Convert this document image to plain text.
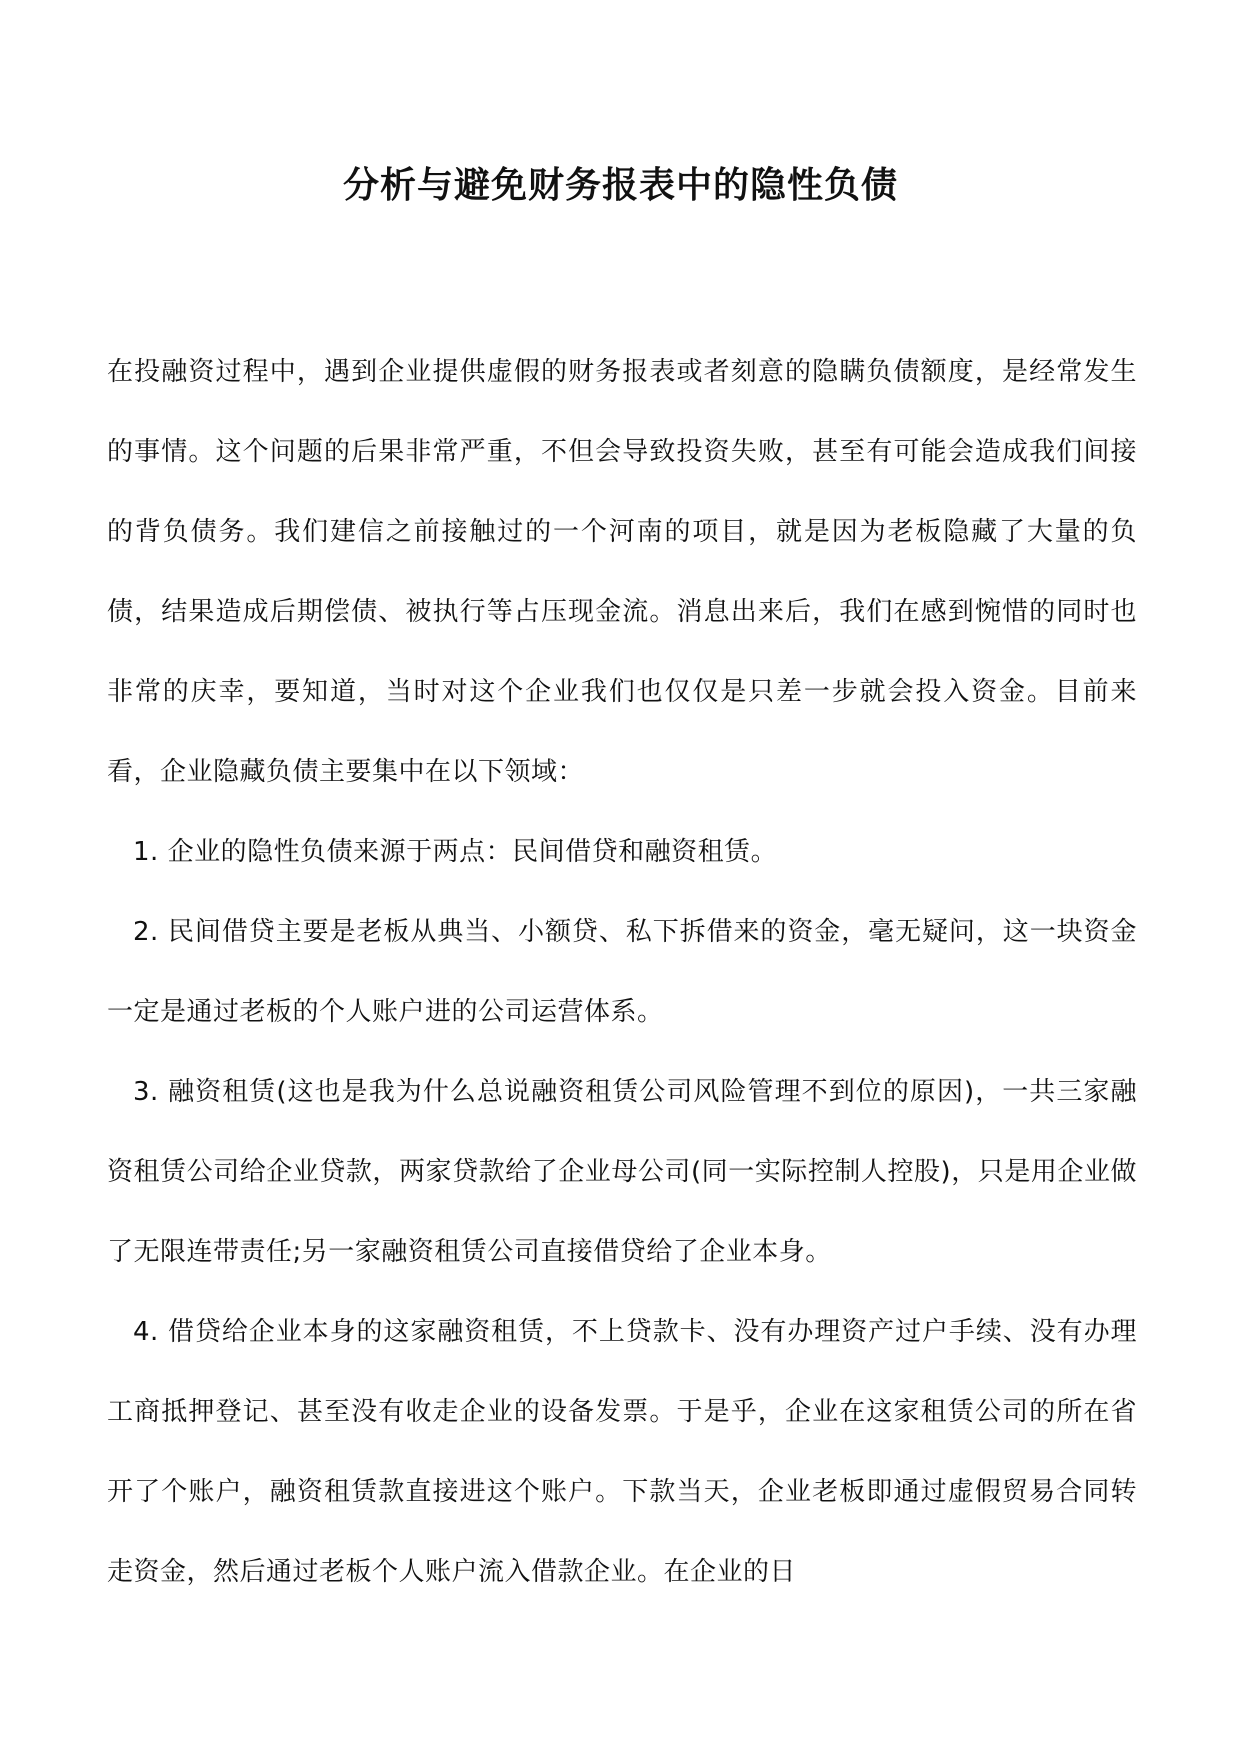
分析与避免财务报表中的隐性负债

在投融资过程中，遇到企业提供虚假的财务报表或者刻意的隐瞒负债额度，是经常发生的事情。这个问题的后果非常严重，不但会导致投资失败，甚至有可能会造成我们间接的背负债务。我们建信之前接触过的一个河南的项目，就是因为老板隐藏了大量的负债，结果造成后期偿债、被执行等占压现金流。消息出来后，我们在感到惋惜的同时也非常的庆幸，要知道，当时对这个企业我们也仅仅是只差一步就会投入资金。目前来看，企业隐藏负债主要集中在以下领域：

1. 企业的隐性负债来源于两点：民间借贷和融资租赁。

2. 民间借贷主要是老板从典当、小额贷、私下拆借来的资金，毫无疑问，这一块资金一定是通过老板的个人账户进的公司运营体系。

3. 融资租赁(这也是我为什么总说融资租赁公司风险管理不到位的原因)，一共三家融资租赁公司给企业贷款，两家贷款给了企业母公司(同一实际控制人控股)，只是用企业做了无限连带责任;另一家融资租赁公司直接借贷给了企业本身。

4. 借贷给企业本身的这家融资租赁，不上贷款卡、没有办理资产过户手续、没有办理工商抵押登记、甚至没有收走企业的设备发票。于是乎，企业在这家租赁公司的所在省开了个账户，融资租赁款直接进这个账户。下款当天，企业老板即通过虚假贸易合同转走资金，然后通过老板个人账户流入借款企业。在企业的日
